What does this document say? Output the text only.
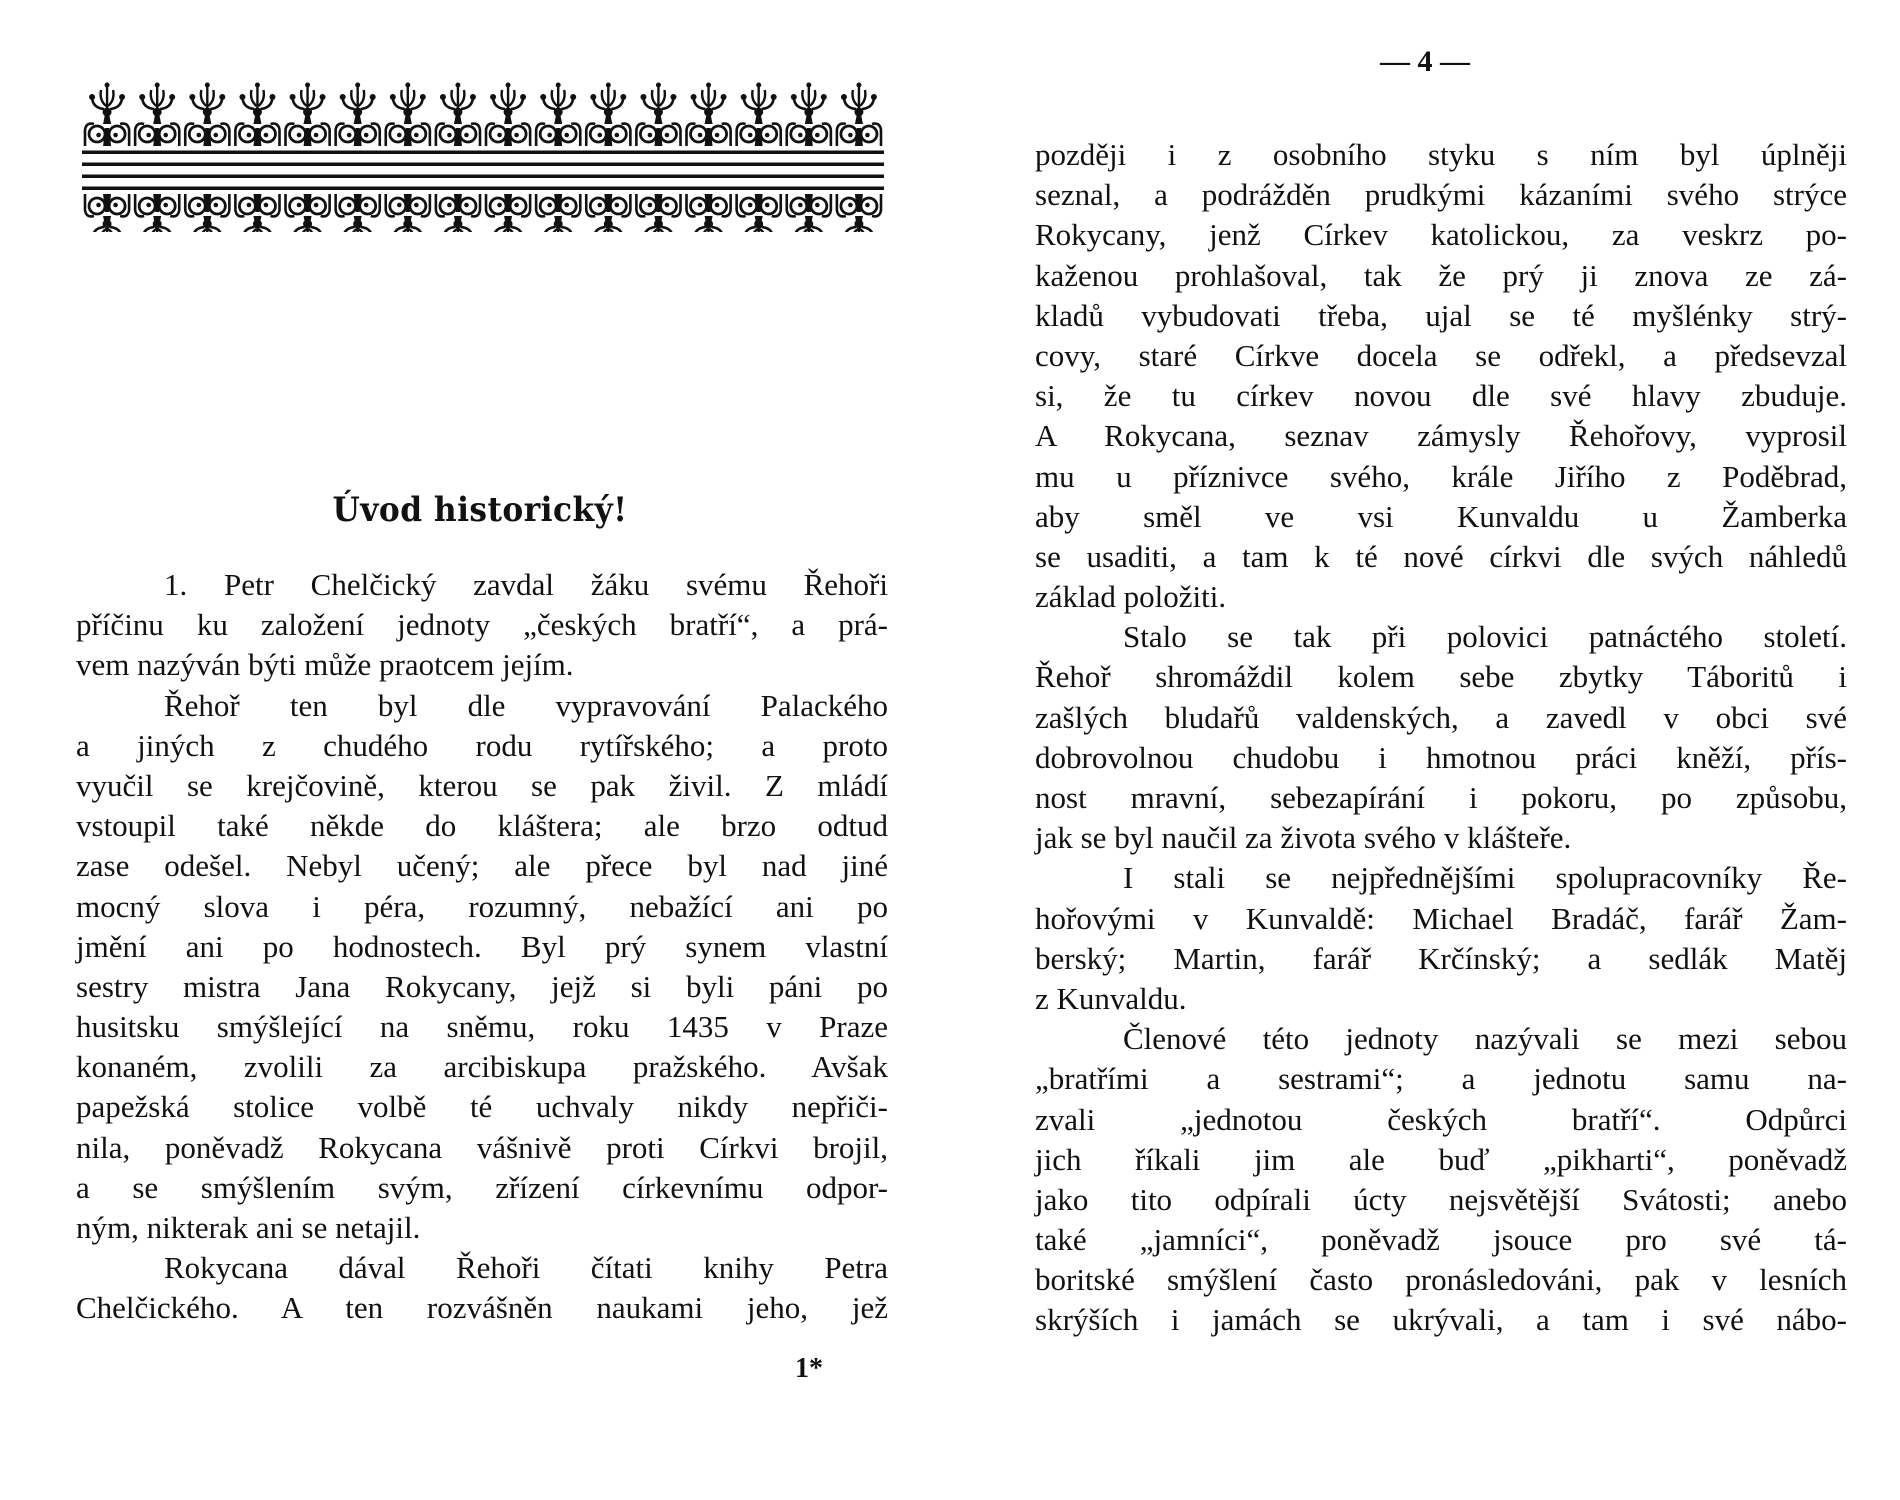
Úvod historický!
1. Petr Chelčický zavdal žáku svému Řehoři
příčinu ku založení jednoty „českých bratří“, a prá-
vem nazýván býti může praotcem jejím.
Řehoř ten byl dle vypravování Palackého
a jiných z chudého rodu rytířského; a proto
vyučil se krejčovině, kterou se pak živil. Z mládí
vstoupil také někde do kláštera; ale brzo odtud
zase odešel. Nebyl učený; ale přece byl nad jiné
mocný slova i péra, rozumný, nebažící ani po
jmění ani po hodnostech. Byl prý synem vlastní
sestry mistra Jana Rokycany, jejž si byli páni po
husitsku smýšlející na sněmu, roku 1435 v Praze
konaném, zvolili za arcibiskupa pražského. Avšak
papežská stolice volbě té uchvaly nikdy nepřiči-
nila, poněvadž Rokycana vášnivě proti Církvi brojil,
a se smýšlením svým, zřízení církevnímu odpor-
ným, nikterak ani se netajil.
Rokycana dával Řehoři čítati knihy Petra
Chelčického. A ten rozvášněn naukami jeho, jež
1*
— 4 —
později i z osobního styku s ním byl úplněji
seznal, a podrážděn prudkými kázaními svého strýce
Rokycany, jenž Církev katolickou, za veskrz po-
kaženou prohlašoval, tak že prý ji znova ze zá-
kladů vybudovati třeba, ujal se té myšlénky strý-
covy, staré Církve docela se odřekl, a předsevzal
si, že tu církev novou dle své hlavy zbuduje.
A Rokycana, seznav zámysly Řehořovy, vyprosil
mu u příznivce svého, krále Jiřího z Poděbrad,
aby směl ve vsi Kunvaldu u Žamberka
se usaditi, a tam k té nové církvi dle svých náhledů
základ položiti.
Stalo se tak při polovici patnáctého století.
Řehoř shromáždil kolem sebe zbytky Táboritů i
zašlých bludařů valdenských, a zavedl v obci své
dobrovolnou chudobu i hmotnou práci kněží, přís-
nost mravní, sebezapírání i pokoru, po způsobu,
jak se byl naučil za života svého v klášteře.
I stali se nejpřednějšími spolupracovníky Ře-
hořovými v Kunvaldě: Michael Bradáč, farář Žam-
berský; Martin, farář Krčínský; a sedlák Matěj
z Kunvaldu.
Členové této jednoty nazývali se mezi sebou
„bratřími a sestrami“; a jednotu samu na-
zvali „jednotou českých bratří“. Odpůrci
jich říkali jim ale buď „pikharti“, poněvadž
jako tito odpírali úcty nejsvětější Svátosti; anebo
také „jamníci“, poněvadž jsouce pro své tá-
boritské smýšlení často pronásledováni, pak v lesních
skrýších i jamách se ukrývali, a tam i své nábo-
